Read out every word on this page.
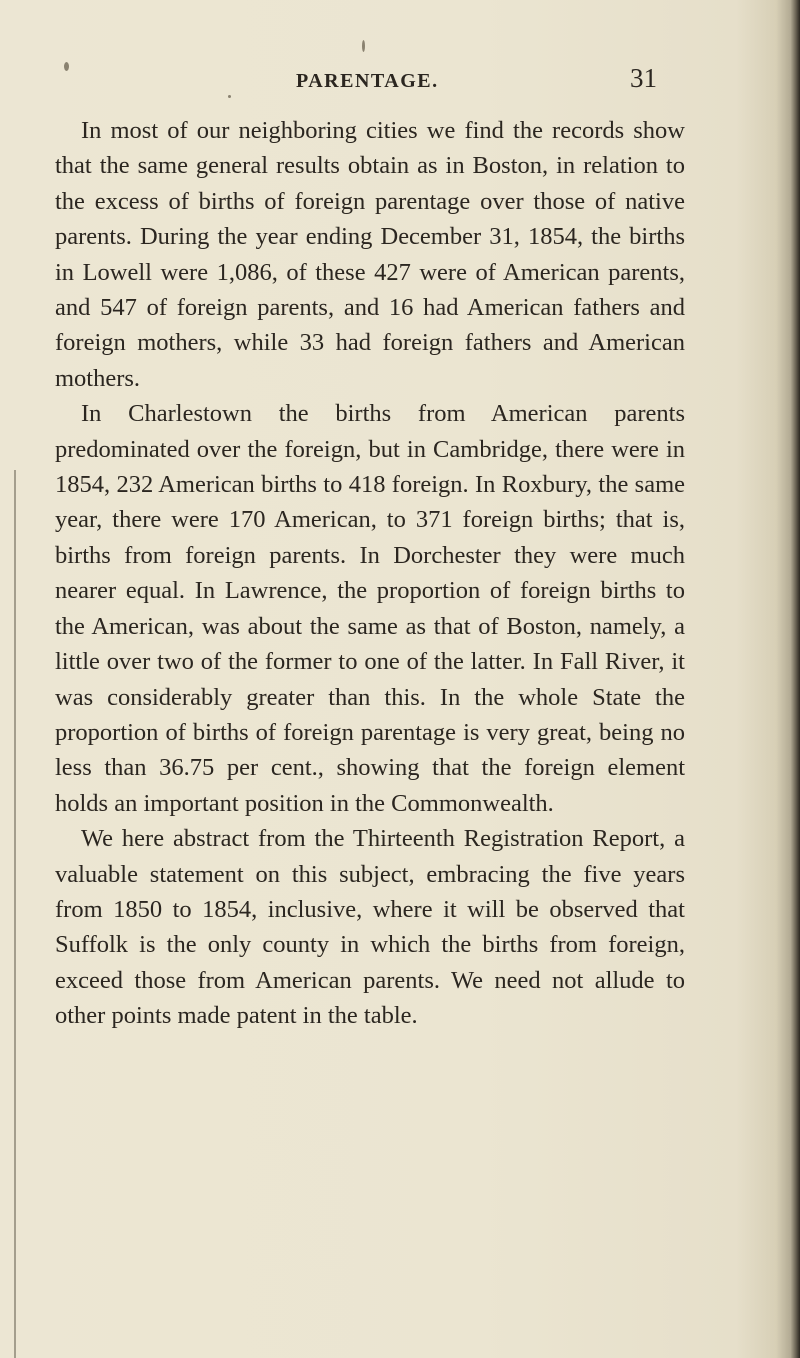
PARENTAGE.	31

In most of our neighboring cities we find the records show that the same general results obtain as in Boston, in relation to the excess of births of foreign parentage over those of native parents. During the year ending December 31, 1854, the births in Lowell were 1,086, of these 427 were of American parents, and 547 of foreign parents, and 16 had American fathers and foreign mothers, while 33 had foreign fathers and American mothers.

In Charlestown the births from American parents predominated over the foreign, but in Cambridge, there were in 1854, 232 American births to 418 foreign. In Roxbury, the same year, there were 170 American, to 371 foreign births; that is, births from foreign parents. In Dorchester they were much nearer equal. In Lawrence, the proportion of foreign births to the American, was about the same as that of Boston, namely, a little over two of the former to one of the latter. In Fall River, it was considerably greater than this. In the whole State the proportion of births of foreign parentage is very great, being no less than 36.75 per cent., showing that the foreign element holds an important position in the Commonwealth.

We here abstract from the Thirteenth Registration Report, a valuable statement on this subject, embracing the five years from 1850 to 1854, inclusive, where it will be observed that Suffolk is the only county in which the births from foreign, exceed those from American parents. We need not allude to other points made patent in the table.
